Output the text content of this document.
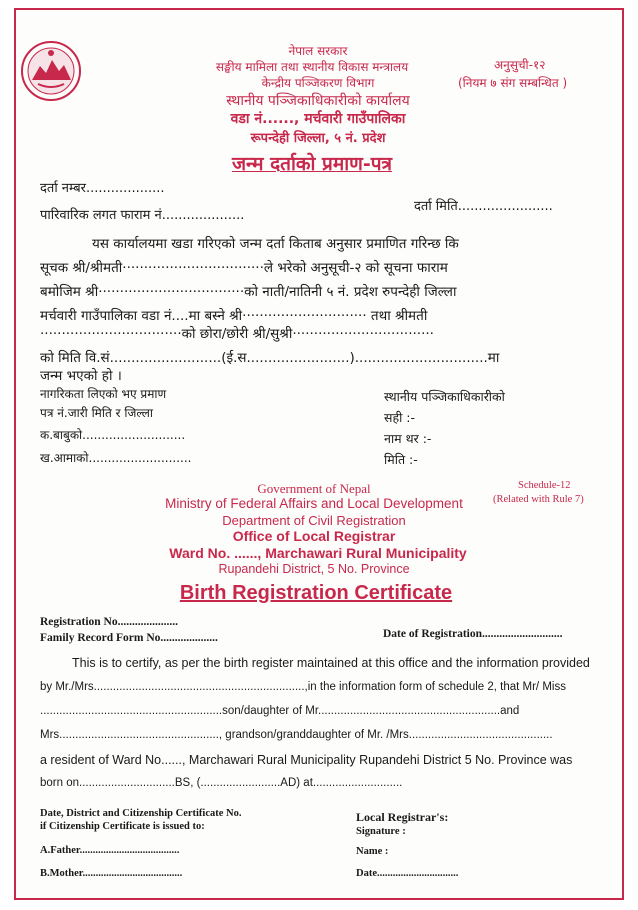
नेपाल सरकार
सङ्घीय मामिला तथा स्थानीय विकास मन्त्रालय
केन्द्रीय पञ्जिकरण विभाग
स्थानीय पञ्जिकाधिकारीको कार्यालय
वडा नं......, मर्चवारी गाउँपालिका
रूपन्देही जिल्ला, ५ नं. प्रदेश
अनुसुची-१२
(नियम ७ संग सम्बन्धित )
जन्म दर्ताको प्रमाण-पत्र
दर्ता नम्बर...................
दर्ता मिति.......................
पारिवारिक लगत फाराम नं....................
यस कार्यालयमा खडा गरिएको जन्म दर्ता किताब अनुसार प्रमाणित गरिन्छ कि
सूचक श्री/श्रीमती·································ले भरेको अनुसूची-२ को सूचना फाराम
बमोजिम श्री··································को नाती/नातिनी ५ नं. प्रदेश रुपन्देही जिल्ला
मर्चवारी गाउँपालिका वडा नं....मा बस्ने श्री····························· तथा श्रीमती
·································को छोरा/छोरी श्री/सुश्री·································
को मिति वि.सं..........................(ई.स........................)...............................मा
जन्म भएको हो ।
नागरिकता लिएको भए प्रमाण
पत्र नं.जारी मिति र जिल्ला
क.बाबुको...........................
ख.आमाको...........................
स्थानीय पञ्जिकाधिकारीको
सही :-
नाम थर :-
मिति :-
Government of Nepal
Ministry of Federal Affairs and Local Development
Department of Civil Registration
Office of Local Registrar
Ward No. ......, Marchawari Rural Municipality
Rupandehi District, 5 No. Province
Schedule-12
(Related with Rule 7)
Birth Registration Certificate
Registration No.....................
Family Record Form No....................	Date of Registration............................
This is to certify, as per the birth register maintained at this office and the information provided
by Mr./Mrs..................................................................,in the information form of schedule 2, that Mr/ Miss
.........................................................son/daughter of Mr.........................................................and
Mrs.................................................., grandson/granddaughter of Mr. /Mrs.............................................
a resident of Ward No......, Marchawari Rural Municipality Rupandehi District 5 No. Province was
born on..............................BS, (.........................AD) at............................
Date, District and Citizenship Certificate No.
if Citizenship Certificate is issued to:
A.Father......................................
B.Mother......................................
Local Registrar's:
Signature :
Name :
Date...............................
